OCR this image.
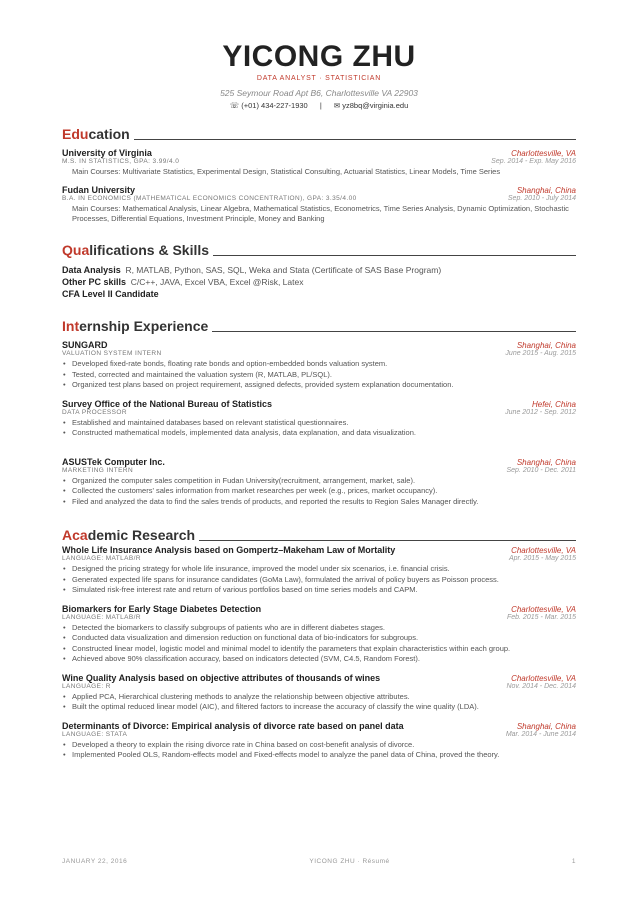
YICONG ZHU
DATA ANALYST · STATISTICIAN
525 Seymour Road Apt B6, Charlottesville VA 22903
☏ (+01) 434-227-1930 | ✉ yz8bq@virginia.edu
Edu cation
University of Virginia	Charlottesville, VA
M.S. IN STATISTICS, GPA: 3.99/4.0	Sep. 2014 - Exp. May 2016
Main Courses: Multivariate Statistics, Experimental Design, Statistical Consulting, Actuarial Statistics, Linear Models, Time Series
Fudan University	Shanghai, China
B.A. IN ECONOMICS (MATHEMATICAL ECONOMICS CONCENTRATION), GPA: 3.35/4.00	Sep. 2010 - July 2014
Main Courses: Mathematical Analysis, Linear Algebra, Mathematical Statistics, Econometrics, Time Series Analysis, Dynamic Optimization, Stochastic Processes, Differential Equations, Investment Principle, Money and Banking
Qua lifications & Skills
Data Analysis R, MATLAB, Python, SAS, SQL, Weka and Stata (Certificate of SAS Base Program)
Other PC skills C/C++, JAVA, Excel VBA, Excel @Risk, Latex
CFA Level II Candidate
Int ernship Experience
SUNGARD	Shanghai, China
VALUATION SYSTEM INTERN	June 2015 - Aug. 2015
• Developed fixed-rate bonds, floating rate bonds and option-embedded bonds valuation system.
• Tested, corrected and maintained the valuation system (R, MATLAB, PL/SQL).
• Organized test plans based on project requirement, assigned defects, provided system explanation documentation.
Survey Office of the National Bureau of Statistics	Hefei, China
DATA PROCESSOR	June 2012 - Sep. 2012
• Established and maintained databases based on relevant statistical questionnaires.
• Constructed mathematical models, implemented data analysis, data explanation, and data visualization.
ASUSTek Computer Inc.	Shanghai, China
MARKETING INTERN	Sep. 2010 - Dec. 2011
• Organized the computer sales competition in Fudan University(recruitment, arrangement, market, sale).
• Collected the customers' sales information from market researches per week (e.g., prices, market occupancy).
• Filed and analyzed the data to find the sales trends of products, and reported the results to Region Sales Manager directly.
Aca demic Research
Whole Life Insurance Analysis based on Gompertz–Makeham Law of Mortality	Charlottesville, VA
LANGUAGE: MATLAB/R	Apr. 2015 - May 2015
• Designed the pricing strategy for whole life insurance, improved the model under six scenarios, i.e. financial crisis.
• Generated expected life spans for insurance candidates (GoMa Law), formulated the arrival of policy buyers as Poisson process.
• Simulated risk-free interest rate and return of various portfolios based on time series models and CAPM.
Biomarkers for Early Stage Diabetes Detection	Charlottesville, VA
LANGUAGE: MATLAB/R	Feb. 2015 - Mar. 2015
• Detected the biomarkers to classify subgroups of patients who are in different diabetes stages.
• Conducted data visualization and dimension reduction on functional data of bio-indicators for subgroups.
• Constructed linear model, logistic model and minimal model to identify the parameters that explain characteristics within each group.
• Achieved above 90% classification accuracy, based on indicators detected (SVM, C4.5, Random Forest).
Wine Quality Analysis based on objective attributes of thousands of wines	Charlottesville, VA
LANGUAGE: R	Nov. 2014 - Dec. 2014
• Applied PCA, Hierarchical clustering methods to analyze the relationship between objective attributes.
• Built the optimal reduced linear model (AIC), and filtered factors to increase the accuracy of classify the wine quality (LDA).
Determinants of Divorce: Empirical analysis of divorce rate based on panel data	Shanghai, China
LANGUAGE: STATA	Mar. 2014 - June 2014
• Developed a theory to explain the rising divorce rate in China based on cost-benefit analysis of divorce.
• Implemented Pooled OLS, Random-effects model and Fixed-effects model to analyze the panel data of China, proved the theory.
JANUARY 22, 2016	YICONG ZHU · Résumé	1
